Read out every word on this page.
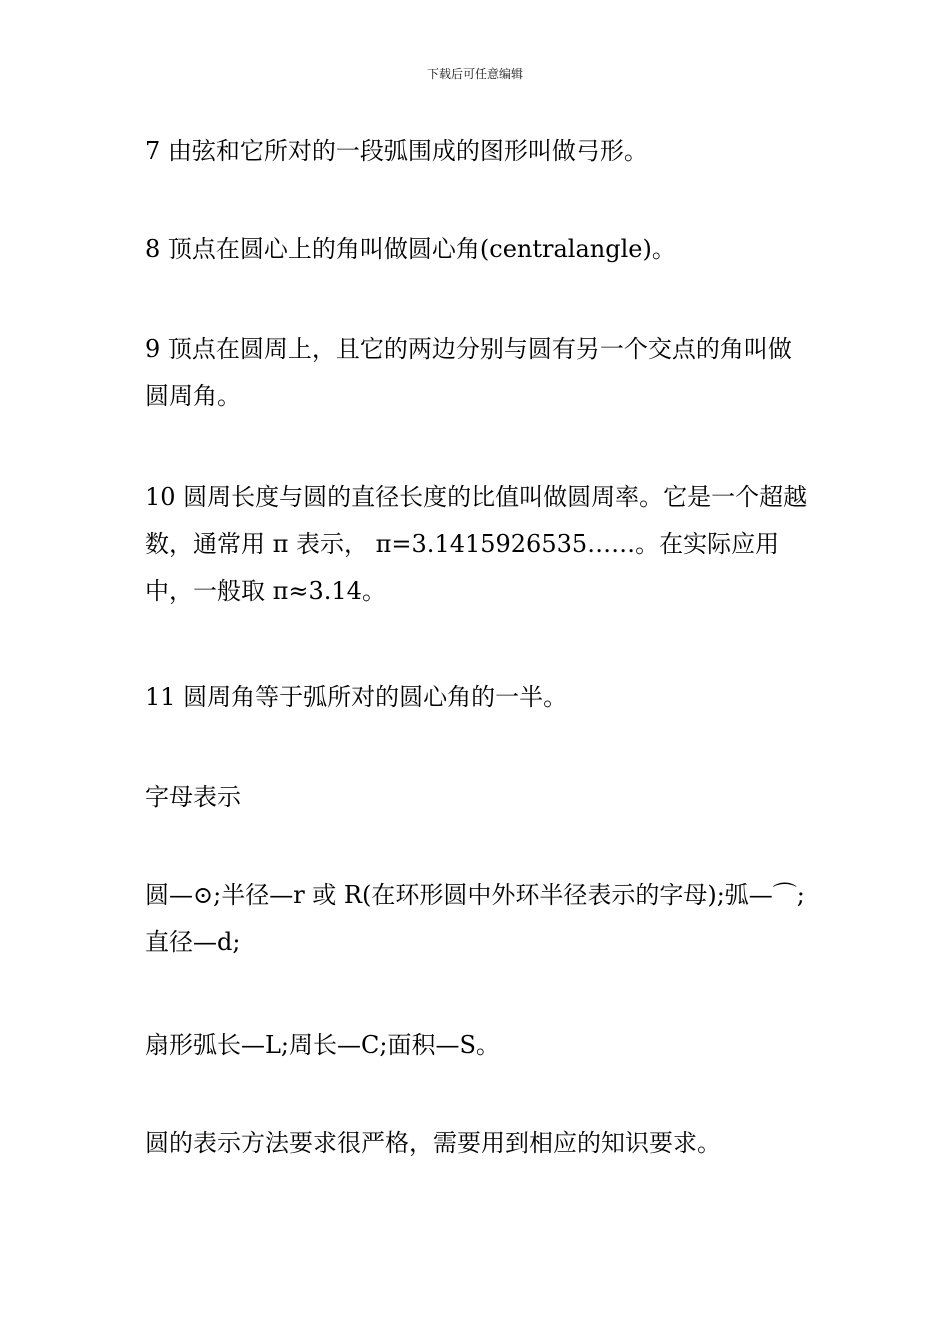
下载后可任意编辑

7 由弦和它所对的一段弧围成的图形叫做弓形。

8 顶点在圆心上的角叫做圆心角(centralangle)。

9 顶点在圆周上，且它的两边分别与圆有另一个交点的角叫做圆周角。

10 圆周长度与圆的直径长度的比值叫做圆周率。它是一个超越数，通常用 π 表示， π=3.1415926535……。在实际应用中，一般取 π≈3.14。

11 圆周角等于弧所对的圆心角的一半。

字母表示

圆—⊙;半径—r 或 R(在环形圆中外环半径表示的字母);弧—⌒;直径—d;

扇形弧长—L;周长—C;面积—S。

圆的表示方法要求很严格，需要用到相应的知识要求。
